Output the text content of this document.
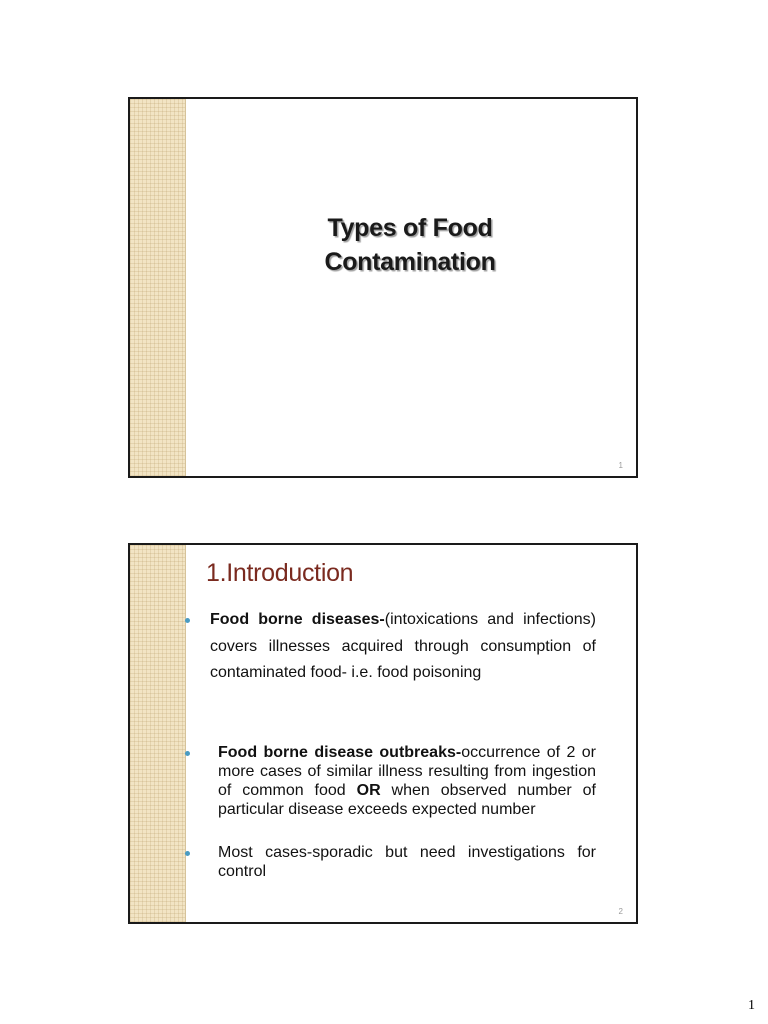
Types of Food
Contamination
1
1.Introduction
Food borne diseases-(intoxications and infections) covers illnesses acquired through consumption of contaminated food- i.e. food poisoning
Food borne disease outbreaks-occurrence of 2 or more cases of similar illness resulting from ingestion of common food OR when observed number of particular disease exceeds expected number
Most cases-sporadic but need investigations for control
2
1
